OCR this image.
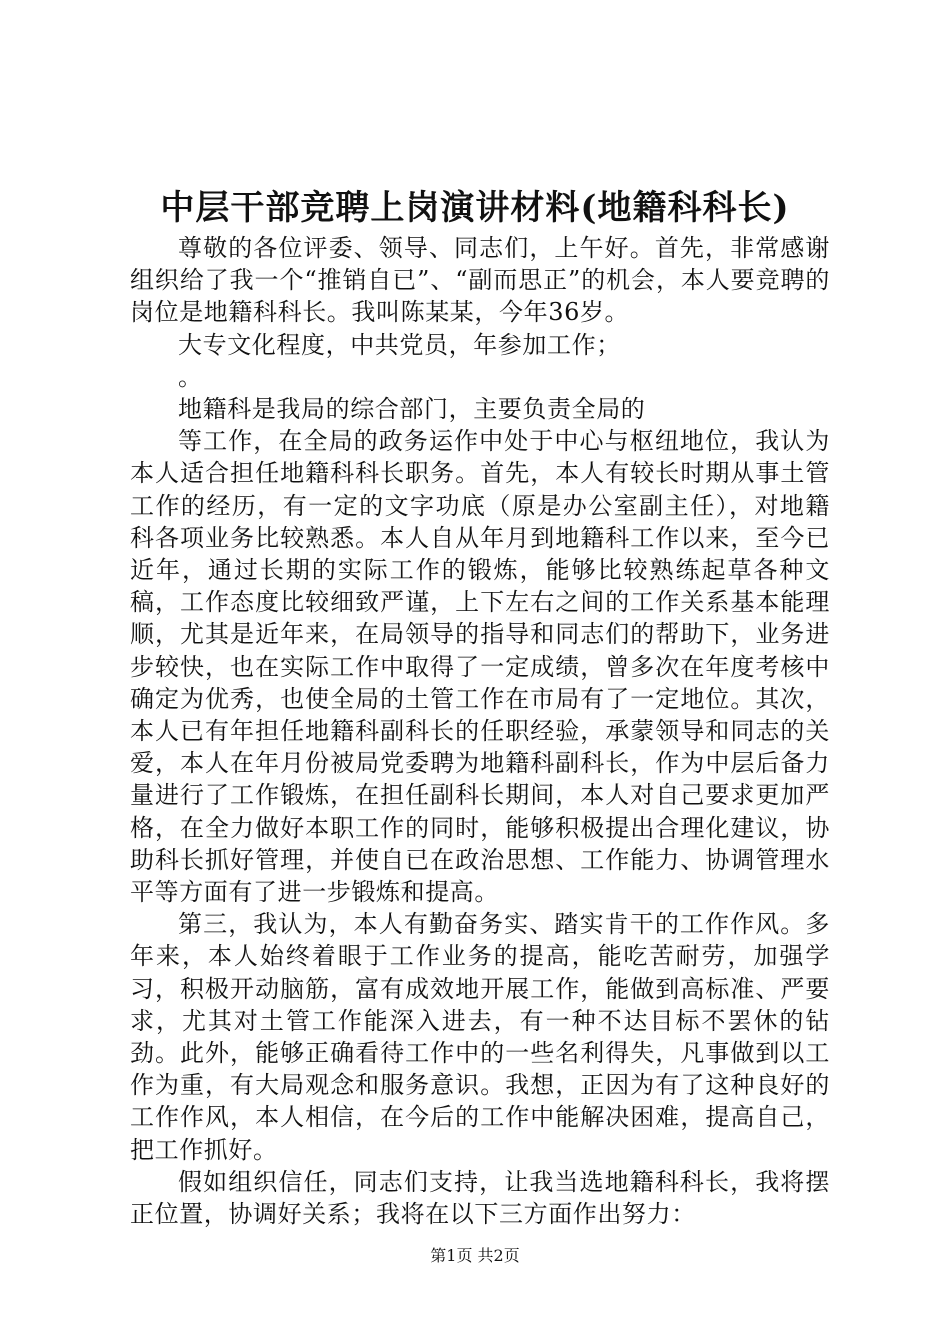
中层干部竞聘上岗演讲材料(地籍科科长)

尊敬的各位评委、领导、同志们，上午好。首先，非常感谢组织给了我一个“推销自已”、“副而思正”的机会，本人要竞聘的岗位是地籍科科长。我叫陈某某，今年36岁。

大专文化程度，中共党员，年参加工作；

。

地籍科是我局的综合部门，主要负责全局的

等工作，在全局的政务运作中处于中心与枢纽地位，我认为本人适合担任地籍科科长职务。首先，本人有较长时期从事土管工作的经历，有一定的文字功底（原是办公室副主任），对地籍科各项业务比较熟悉。本人自从年月到地籍科工作以来，至今已近年，通过长期的实际工作的锻炼，能够比较熟练起草各种文稿，工作态度比较细致严谨，上下左右之间的工作关系基本能理顺，尤其是近年来，在局领导的指导和同志们的帮助下，业务进步较快，也在实际工作中取得了一定成绩，曾多次在年度考核中确定为优秀，也使全局的土管工作在市局有了一定地位。其次，本人已有年担任地籍科副科长的任职经验，承蒙领导和同志的关爱，本人在年月份被局党委聘为地籍科副科长，作为中层后备力量进行了工作锻炼，在担任副科长期间，本人对自己要求更加严格，在全力做好本职工作的同时，能够积极提出合理化建议，协助科长抓好管理，并使自已在政治思想、工作能力、协调管理水平等方面有了进一步锻炼和提高。

第三，我认为，本人有勤奋务实、踏实肯干的工作作风。多年来，本人始终着眼于工作业务的提高，能吃苦耐劳，加强学习，积极开动脑筋，富有成效地开展工作，能做到高标准、严要求，尤其对土管工作能深入进去，有一种不达目标不罢休的钻劲。此外，能够正确看待工作中的一些名利得失，凡事做到以工作为重，有大局观念和服务意识。我想，正因为有了这种良好的工作作风，本人相信，在今后的工作中能解决困难，提高自己，把工作抓好。

假如组织信任，同志们支持，让我当选地籍科科长，我将摆正位置，协调好关系；我将在以下三方面作出努力：

第1页 共2页
